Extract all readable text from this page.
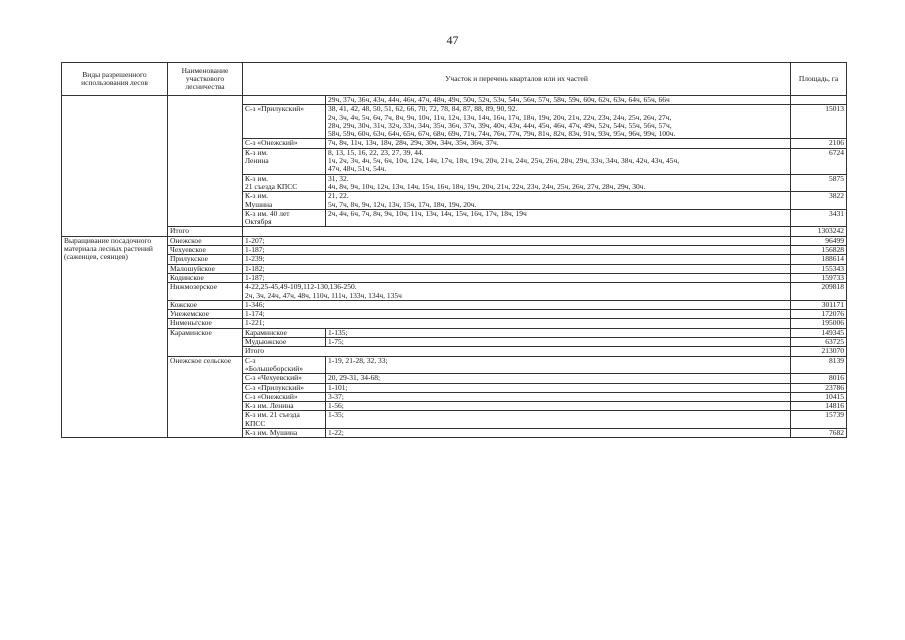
47
Виды разрешенного использования лесов	Наименование участкового лесничества	Участок и перечень кварталов или их частей		Площадь, га
			29ч, 37ч, 36ч, 43ч, 44ч, 46ч, 47ч, 48ч, 49ч, 50ч, 52ч, 53ч, 54ч, 56ч, 57ч, 58ч, 59ч, 60ч, 62ч, 63ч, 64ч, 65ч, 66ч	
		С-з «Прилукский»	38, 41, 42, 48, 50, 51, 62, 66, 70, 72, 78, 84, 87, 88, 89, 90, 92.
2ч, 3ч, 4ч, 5ч, 6ч, 7ч, 8ч, 9ч, 10ч, 11ч, 12ч, 13ч, 14ч, 16ч, 17ч, 18ч, 19ч, 20ч, 21ч, 22ч, 23ч, 24ч, 25ч, 26ч, 27ч,
28ч, 29ч, 30ч, 31ч, 32ч, 33ч, 34ч, 35ч, 36ч, 37ч, 39ч, 40ч, 43ч, 44ч, 45ч, 46ч, 47ч, 49ч, 52ч, 54ч, 55ч, 56ч, 57ч,
58ч, 59ч, 60ч, 63ч, 64ч, 65ч, 67ч, 68ч, 69ч, 71ч, 74ч, 76ч, 77ч, 79ч, 81ч, 82ч, 83ч, 91ч, 93ч, 95ч, 96ч, 99ч, 100ч.	15013
		С-з «Онежский»	7ч, 8ч, 11ч, 13ч, 18ч, 28ч, 29ч, 30ч, 34ч, 35ч, 36ч, 37ч.	2106
		К-з им.
Ленина	8, 13, 15, 16, 22, 23, 27, 39, 44.
1ч, 2ч, 3ч, 4ч, 5ч, 6ч, 10ч, 12ч, 14ч, 17ч, 18ч, 19ч, 20ч, 21ч, 24ч, 25ч, 26ч, 28ч, 29ч, 33ч, 34ч, 38ч, 42ч, 43ч, 45ч,
47ч, 48ч, 51ч, 54ч.	6724
		К-з им.
21 съезда КПСС	31, 32.
4ч, 8ч, 9ч, 10ч, 12ч, 13ч, 14ч, 15ч, 16ч, 18ч, 19ч, 20ч, 21ч, 22ч, 23ч, 24ч, 25ч, 26ч, 27ч, 28ч, 29ч, 30ч.	5875
		К-з им.
Мушина	21, 22.
5ч, 7ч, 8ч, 9ч, 12ч, 13ч, 15ч, 17ч, 18ч, 19ч, 20ч.	3822
		К-з им. 40 лет
Октября	2ч, 4ч, 6ч, 7ч, 8ч, 9ч, 10ч, 11ч, 13ч, 14ч, 15ч, 16ч, 17ч, 18ч, 19ч	3431
	Итого			1303242
Выращивание посадочного материала лесных растений (саженцев, сеянцев)	Онежское	1-207;		96499
	Чехуевское	1-187;		156828
	Прилукское	1-239;		188614
	Малошуйское	1-182;		155343
	Кодинское	1-187;		159733
	Нижмозерское	4-22,25-45,49-109,112-130,136-250.
2ч, 3ч, 24ч, 47ч, 48ч, 110ч, 111ч, 133ч, 134ч, 135ч		209818
	Кожское	1-346;		301171
	Унежемское	1-174;		172076
	Нименьгское	1-221;		195006
	Караминское	Караминское	1-135;	149345
		Мудьюжское	1-75;	63725
		Итого		213070
	Онежское сельское	С-з
«Большеборский»	1-19, 21-28, 32, 33;	8139
		С-з «Чехуевский»	20, 29-31, 34-68;	8016
		С-з «Прилукский»	1-101;	23786
		С-з «Онежский»	3-37;	10415
		К-з им. Ленина	1-56;	14816
		К-з им. 21 съезда
КПСС	1-35;	15739
		К-з им. Мушина	1-22;	7682
